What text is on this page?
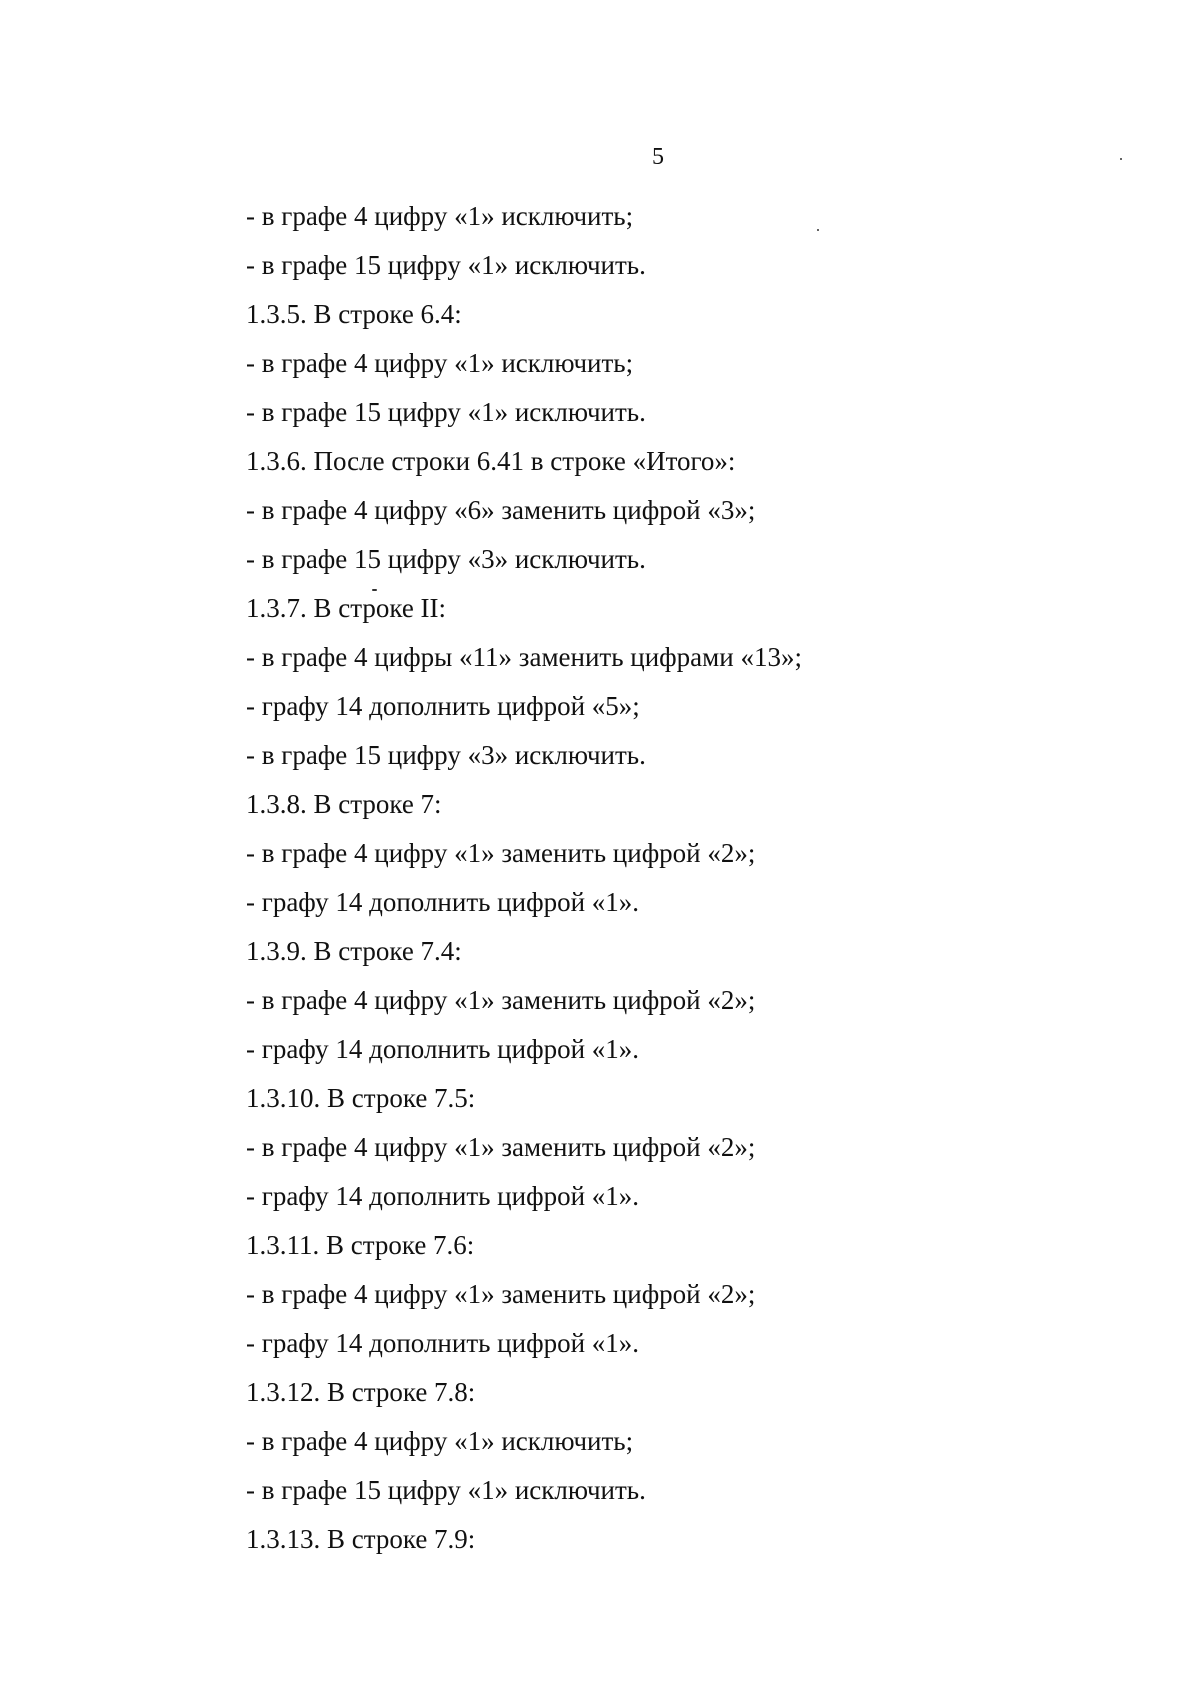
5
- в графе 4 цифру «1» исключить;
- в графе 15 цифру «1» исключить.
1.3.5. В строке 6.4:
- в графе 4 цифру «1» исключить;
- в графе 15 цифру «1» исключить.
1.3.6. После строки 6.41 в строке «Итого»:
- в графе 4 цифру «6» заменить цифрой «3»;
- в графе 15 цифру «3» исключить.
1.3.7. В строке II:
- в графе 4 цифры «11» заменить цифрами «13»;
- графу 14 дополнить цифрой «5»;
- в графе 15 цифру «3» исключить.
1.3.8. В строке 7:
- в графе 4 цифру «1» заменить цифрой «2»;
- графу 14 дополнить цифрой «1».
1.3.9. В строке 7.4:
- в графе 4 цифру «1» заменить цифрой «2»;
- графу 14 дополнить цифрой «1».
1.3.10. В строке 7.5:
- в графе 4 цифру «1» заменить цифрой «2»;
- графу 14 дополнить цифрой «1».
1.3.11. В строке 7.6:
- в графе 4 цифру «1» заменить цифрой «2»;
- графу 14 дополнить цифрой «1».
1.3.12. В строке 7.8:
- в графе 4 цифру «1» исключить;
- в графе 15 цифру «1» исключить.
1.3.13. В строке 7.9:
